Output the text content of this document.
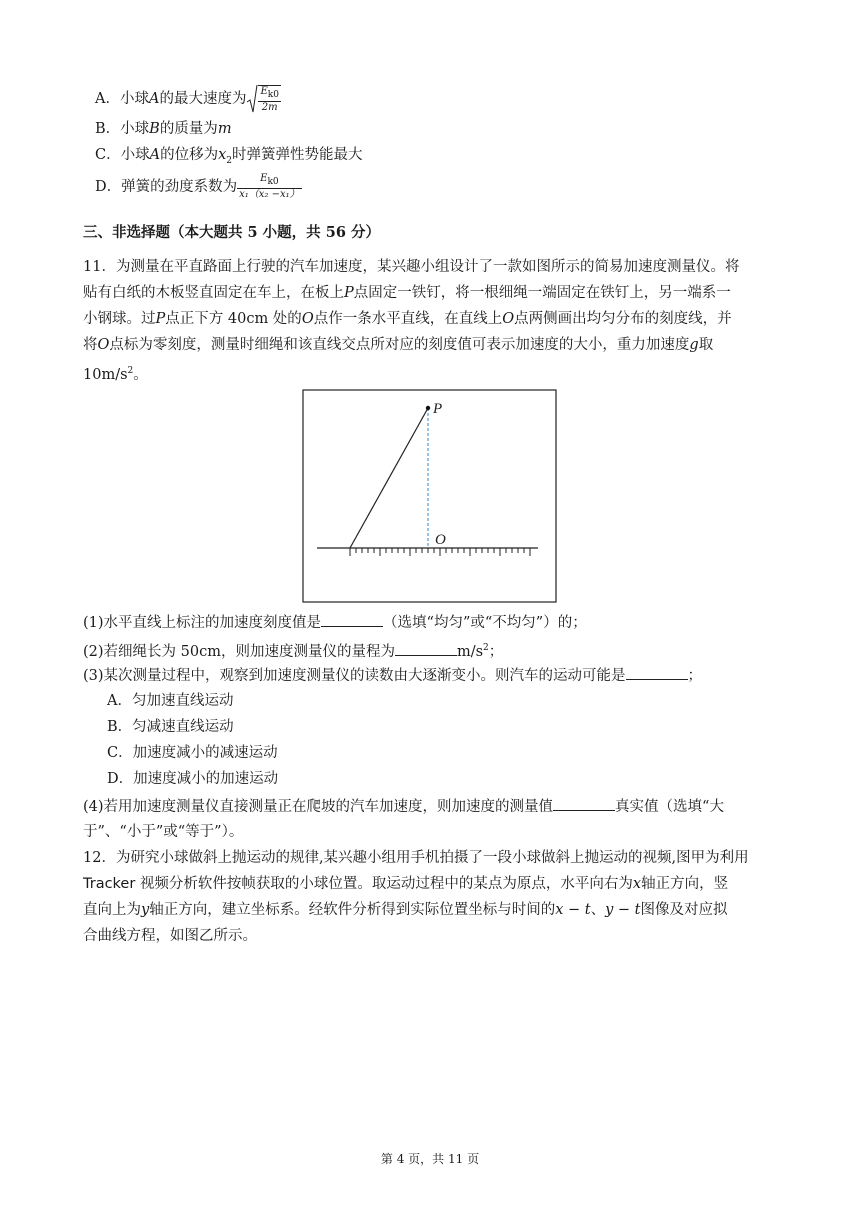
A．小球A的最大速度为 $\frac{E_{k0}}{2m}$
B．小球B的质量为m
C．小球A的位移为$x_2$时弹簧弹性势能最大
D．弹簧的劲度系数为 $\frac{E_{k0}}{\text{x₁（x₂ −x₁）}}$
三、非选择题（本大题共 5 小题，共 56 分）
11．为测量在平直路面上行驶的汽车加速度，某兴趣小组设计了一款如图所示的简易加速度测量仪。将
贴有白纸的木板竖直固定在车上，在板上P点固定一铁钉，将一根细绳一端固定在铁钉上，另一端系一
小钢球。过P点正下方 40cm 处的O点作一条水平直线，在直线上O点两侧画出均匀分布的刻度线，并
将O点标为零刻度，测量时细绳和该直线交点所对应的刻度值可表示加速度的大小，重力加速度g取
$10m/s^2$。
P
O
(1)水平直线上标注的加速度刻度值是	（选填“均匀”或“不均匀”）的；
(2)若细绳长为 50cm，则加速度测量仪的量程为	$m/s^2$；
(3)某次测量过程中，观察到加速度测量仪的读数由大逐渐变小。则汽车的运动可能是	；
A．匀加速直线运动
B．匀减速直线运动
C．加速度减小的减速运动
D．加速度减小的加速运动
(4)若用加速度测量仪直接测量正在爬坡的汽车加速度，则加速度的测量值	真实值（选填“大
于”、“小于”或“等于”）。
12．为研究小球做斜上抛运动的规律,某兴趣小组用手机拍摄了一段小球做斜上抛运动的视频,图甲为利用
Tracker 视频分析软件按帧获取的小球位置。取运动过程中的某点为原点，水平向右为x轴正方向，竖
直向上为y轴正方向，建立坐标系。经软件分析得到实际位置坐标与时间的x − t、y − t图像及对应拟
合曲线方程，如图乙所示。
第 4 页，共 11 页
